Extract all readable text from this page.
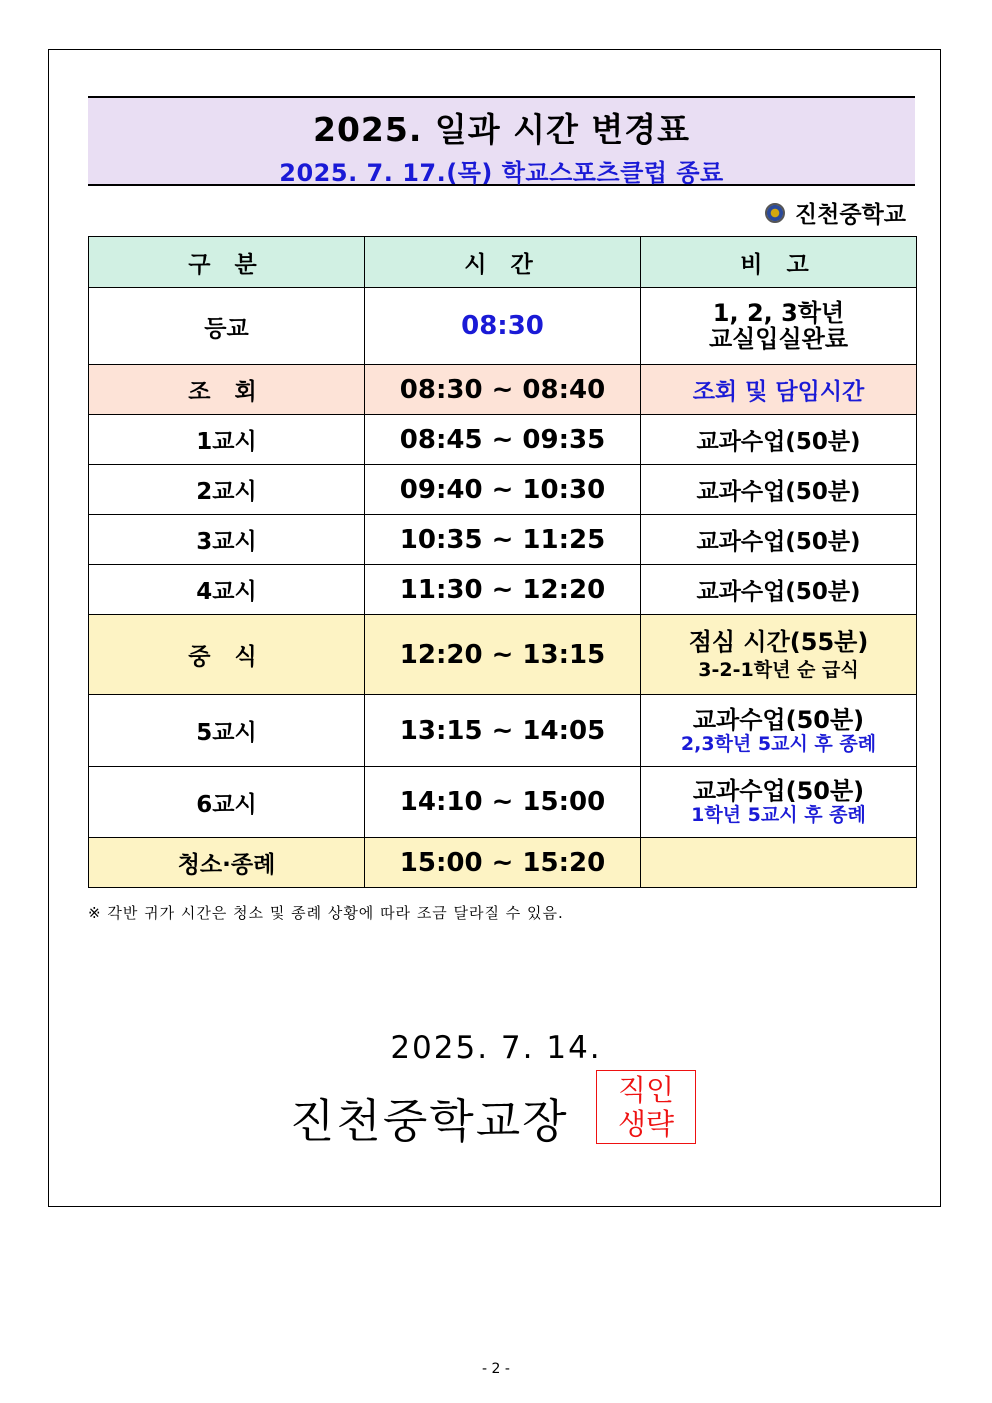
2025. 일과 시간 변경표
2025. 7. 17.(목) 학교스포츠클럽 종료
진천중학교
구 분	시 간	비 고
등교	08:30	1, 2, 3학년
교실입실완료

조 회	08:30 ~ 08:40	조회 및 담임시간
1교시	08:45 ~ 09:35	교과수업(50분)
2교시	09:40 ~ 10:30	교과수업(50분)
3교시	10:35 ~ 11:25	교과수업(50분)
4교시	11:30 ~ 12:20	교과수업(50분)
중 식	12:20 ~ 13:15	점심 시간(55분)
3-2-1학년 순 급식

5교시	13:15 ~ 14:05	교과수업(50분)
2,3학년 5교시 후 종례

6교시	14:10 ~ 15:00	교과수업(50분)
1학년 5교시 후 종례

청소·종례	15:00 ~ 15:20	
※ 각반 귀가 시간은 청소 및 종례 상황에 따라 조금 달라질 수 있음.
2025. 7. 14.
진천중학교장
직인
생략
- 2 -
